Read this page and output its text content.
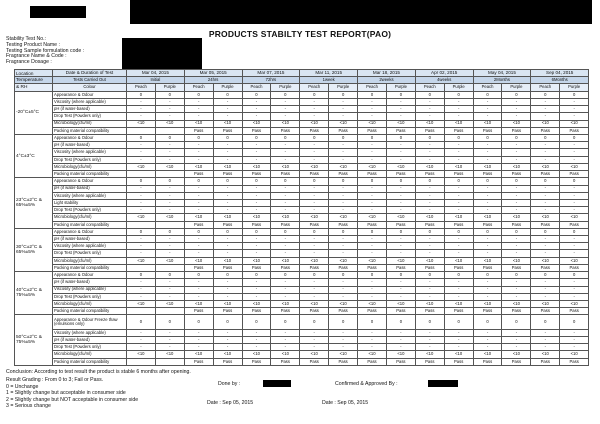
PRODUCTS STABILTY TEST REPORT(PAO)
Stability Test No.:
Testing Product Name :
Testing Sample formulation code :
Fragrance Name & Code :
Fragrance Dosage :
Location	Date & Duration of Test	Mar 04, 2015		Mar 05, 2015		Mar 07, 2015		Mar 11, 2015		Mar 18, 2015		Apr 02, 2015		May 04, 2015		Sep 04, 2015	
Temperature	Tests Carried Out	Initial		24hrs		72hrs		1week		2weeks		4weeks		2Months		6Months	
& RH	Colour	Peach	Purple	Peach	Purple	Peach	Purple	Peach	Purple	Peach	Purple	Peach	Purple	Peach	Purple	Peach	Purple
-20°C±5°C	Appearance & Odour	0	0	0	0	0	0	0	0	0	0	0	0	0	0	0	0
	Viscosity (where applicable)	-	-	-	-	-	-	-	-	-	-	-	-	-	-	-	-
	pH (if water-based)	-	-	-	-	-	-	-	-	-	-	-	-	-	-	-	-
	Drop Test (Powders only)	-	-	-	-	-	-	-	-	-	-	-	-	-	-	-	-
	Microbiology(cfu/ml)	<10	<10	<10	<10	<10	<10	<10	<10	<10	<10	<10	<10	<10	<10	<10	<10
	Packing material compatibility			Pass	Pass	Pass	Pass	Pass	Pass	Pass	Pass	Pass	Pass	Pass	Pass	Pass	Pass
4°C±3°C	Appearance & Odour	0	0	0	0	0	0	0	0	0	0	0	0	0	0	0	0
	pH (if water-based)	-	-	-	-	-	-	-	-	-	-	-	-	-	-	-	-
	Viscosity (where applicable)	-	-	-	-	-	-	-	-	-	-	-	-	-	-	-	-
	Drop Test (Powders only)	-	-	-	-	-	-	-	-	-	-	-	-	-	-	-	-
	Microbiology(cfu/ml)	<10	<10	<10	<10	<10	<10	<10	<10	<10	<10	<10	<10	<10	<10	<10	<10
	Packing material compatibility			Pass	Pass	Pass	Pass	Pass	Pass	Pass	Pass	Pass	Pass	Pass	Pass	Pass	Pass
23°C±2°C & 65%±5%	Appearance & Odour	0	0	0	0	0	0	0	0	0	0	0	0	0	0	0	0
	pH (if water-based)	-	-	-	-	-	-	-	-	-	-	-	-	-	-	-	-
	Viscosity (where applicable)	-	-	-	-	-	-	-	-	-	-	-	-	-	-	-	-
	Light stability	-	-	-	-	-	-	-	-	-	-	-	-	-	-	-	-
	Drop Test (Powders only)	-	-	-	-	-	-	-	-	-	-	-	-	-	-	-	-
	Microbiology(cfu/ml)	<10	<10	<10	<10	<10	<10	<10	<10	<10	<10	<10	<10	<10	<10	<10	<10
	Packing material compatibility			Pass	Pass	Pass	Pass	Pass	Pass	Pass	Pass	Pass	Pass	Pass	Pass	Pass	Pass
30°C±2°C & 65%±5%	Appearance & Odour	0	0	0	0	0	0	0	0	0	0	0	0	0	0	0	0
	pH (if water-based)	-	-	-	-	-	-	-	-	-	-	-	-	-	-	-	-
	Viscosity (where applicable)	-	-	-	-	-	-	-	-	-	-	-	-	-	-	-	-
	Drop Test (Powders only)	-	-	-	-	-	-	-	-	-	-	-	-	-	-	-	-
	Microbiology(cfu/ml)	<10	<10	<10	<10	<10	<10	<10	<10	<10	<10	<10	<10	<10	<10	<10	<10
	Packing material compatibility			Pass	Pass	Pass	Pass	Pass	Pass	Pass	Pass	Pass	Pass	Pass	Pass	Pass	Pass
40°C±2°C & 75%±5%	Appearance & Odour	0	0	0	0	0	0	0	0	0	0	0	0	0	0	0	0
	pH (if water-based)	-	-	-	-	-	-	-	-	-	-	-	-	-	-	-	-
	Viscosity (where applicable)	-	-	-	-	-	-	-	-	-	-	-	-	-	-	-	-
	Drop Test (Powders only)	-	-	-	-	-	-	-	-	-	-	-	-	-	-	-	-
	Microbiology(cfu/ml)	<10	<10	<10	<10	<10	<10	<10	<10	<10	<10	<10	<10	<10	<10	<10	<10
	Packing material compatibility			Pass	Pass	Pass	Pass	Pass	Pass	Pass	Pass	Pass	Pass	Pass	Pass	Pass	Pass
50°C±2°C & 75%±5%	Appearance & Odour Freeze thaw (emulsions only)	0	0	0	0	0	0	0	0	0	0	0	0	0	0	0	0
	Viscosity (where applicable)	-	-	-	-	-	-	-	-	-	-	-	-	-	-	-	-
	pH (if water-based)	-	-	-	-	-	-	-	-	-	-	-	-	-	-	-	-
	Drop Test (Powders only)	-	-	-	-	-	-	-	-	-	-	-	-	-	-	-	-
	Microbiology(cfu/ml)	<10	<10	<10	<10	<10	<10	<10	<10	<10	<10	<10	<10	<10	<10	<10	<10
	Packing material compatibility			Pass	Pass	Pass	Pass	Pass	Pass	Pass	Pass	Pass	Pass	Pass	Pass	Pass	Pass
Conclusion: According to test result the product is stable 6 months after opening.
Result Grading : From 0 to 3; Fail or Pass.
0 = Unchange
1 = Slightly change but acceptable in consumer side
2 = Slightly change but NOT acceptable in consumer side
3 = Serious change
Done by :	Confirmed & Approved By :
Date : Sep 05, 2015	Date : Sep 05, 2015
